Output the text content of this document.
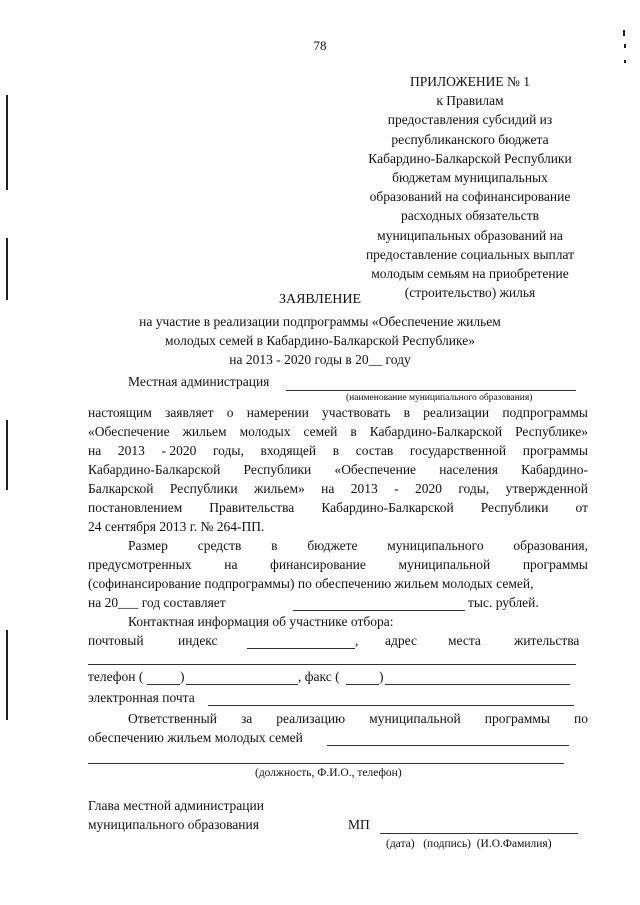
78
ПРИЛОЖЕНИЕ № 1
к Правилам
предоставления субсидий из
республиканского бюджета
Кабардино-Балкарской Республики
бюджетам муниципальных
образований на софинансирование
расходных обязательств
муниципальных образований на
предоставление социальных выплат
молодым семьям на приобретение
(строительство) жилья
ЗАЯВЛЕНИЕ
на участие в реализации подпрограммы «Обеспечение жильем
молодых семей в Кабардино-Балкарской Республике»
на 2013 - 2020 годы в 20__ году
Местная администрация
(наименование муниципального образования)
настоящим заявляет о намерении участвовать в реализации подпрограммы
«Обеспечение жильем молодых семей в Кабардино-Балкарской Республике»
на 2013 - 2020 годы, входящей в состав государственной программы
Кабардино-Балкарской Республики «Обеспечение населения Кабардино-
Балкарской Республики жильем» на 2013 - 2020 годы, утвержденной
постановлением Правительства Кабардино-Балкарской Республики от
24 сентября 2013 г. № 264-ПП.
Размер средств в бюджете муниципального образования,
предусмотренных на финансирование муниципальной программы
(софинансирование подпрограммы) по обеспечению жильем молодых семей,
на 20___ год составляет	тыс. рублей.
Контактная информация об участнике отбора:
почтовый	индекс	, адрес места жительства
телефон (	)	, факс (	)
электронная почта
Ответственный за реализацию муниципальной программы по
обеспечению жильем молодых семей
(должность, Ф.И.О., телефон)
Глава местной администрации
муниципального образования	МП
(дата)   (подпись)  (И.О.Фамилия)
